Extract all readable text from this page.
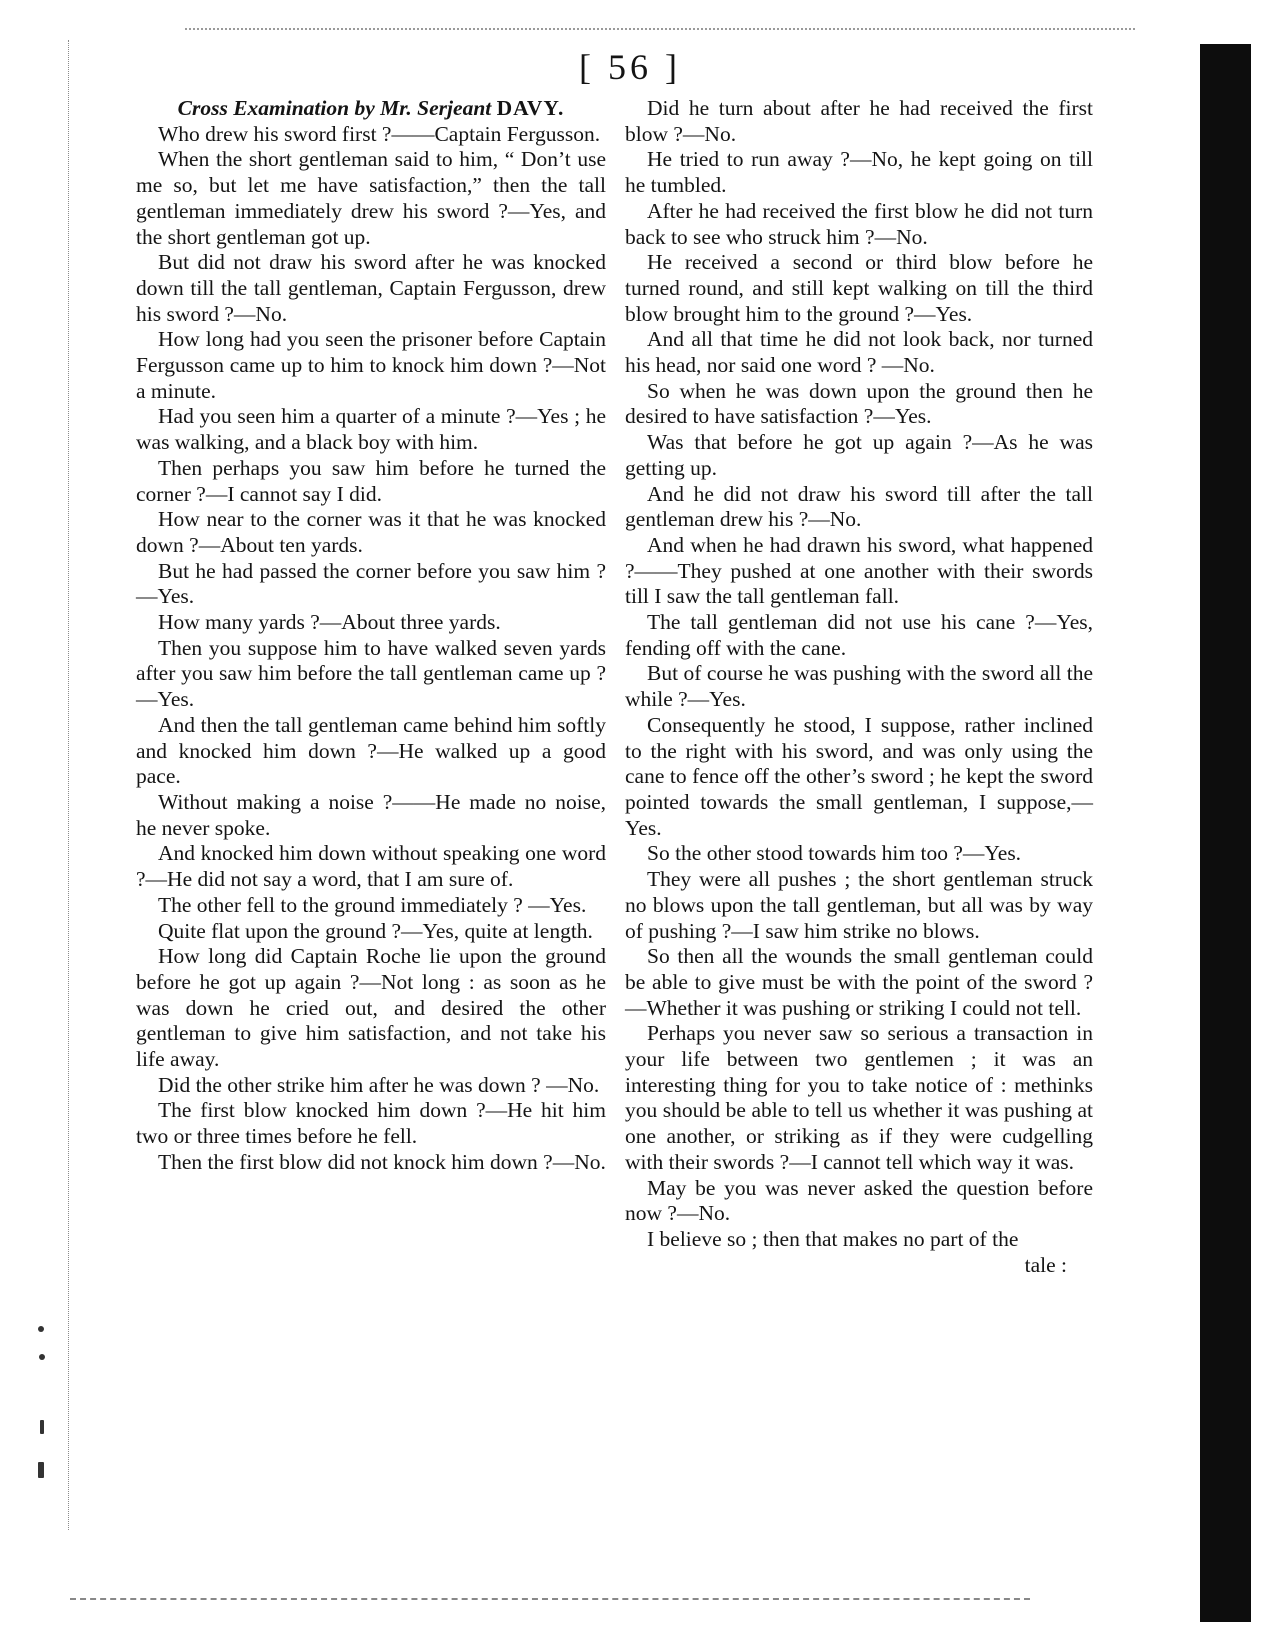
[ 56 ]
Cross Examination by Mr. Serjeant DAVY.

Who drew his sword first ?——Captain Fergusson.

When the short gentleman said to him, “ Don’t use me so, but let me have satisfaction,” then the tall gentleman immediately drew his sword ?—Yes, and the short gentleman got up.

But did not draw his sword after he was knocked down till the tall gentleman, Captain Fergusson, drew his sword ?—No.

How long had you seen the prisoner before Captain Fergusson came up to him to knock him down ?—Not a minute.

Had you seen him a quarter of a minute ?—Yes ; he was walking, and a black boy with him.

Then perhaps you saw him before he turned the corner ?—I cannot say I did.

How near to the corner was it that he was knocked down ?—About ten yards.

But he had passed the corner before you saw him ?—Yes.

How many yards ?—About three yards.

Then you suppose him to have walked seven yards after you saw him before the tall gentleman came up ?—Yes.

And then the tall gentleman came behind him softly and knocked him down ?—He walked up a good pace.

Without making a noise ?——He made no noise, he never spoke.

And knocked him down without speaking one word ?—He did not say a word, that I am sure of.

The other fell to the ground immediately ? —Yes.

Quite flat upon the ground ?—Yes, quite at length.

How long did Captain Roche lie upon the ground before he got up again ?—Not long : as soon as he was down he cried out, and desired the other gentleman to give him satisfaction, and not take his life away.

Did the other strike him after he was down ? —No.

The first blow knocked him down ?—He hit him two or three times before he fell.

Then the first blow did not knock him down ?—No.

Did he turn about after he had received the first blow ?—No.

He tried to run away ?—No, he kept going on till he tumbled.

After he had received the first blow he did not turn back to see who struck him ?—No.

He received a second or third blow before he turned round, and still kept walking on till the third blow brought him to the ground ?—Yes.

And all that time he did not look back, nor turned his head, nor said one word ? —No.

So when he was down upon the ground then he desired to have satisfaction ?—Yes.

Was that before he got up again ?—As he was getting up.

And he did not draw his sword till after the tall gentleman drew his ?—No.

And when he had drawn his sword, what happened ?——They pushed at one another with their swords till I saw the tall gentleman fall.

The tall gentleman did not use his cane ?—Yes, fending off with the cane.

But of course he was pushing with the sword all the while ?—Yes.

Consequently he stood, I suppose, rather inclined to the right with his sword, and was only using the cane to fence off the other’s sword ; he kept the sword pointed towards the small gentleman, I suppose,—Yes.

So the other stood towards him too ?—Yes.

They were all pushes ; the short gentleman struck no blows upon the tall gentleman, but all was by way of pushing ?—I saw him strike no blows.

So then all the wounds the small gentleman could be able to give must be with the point of the sword ?—Whether it was pushing or striking I could not tell.

Perhaps you never saw so serious a transaction in your life between two gentlemen ; it was an interesting thing for you to take notice of : methinks you should be able to tell us whether it was pushing at one another, or striking as if they were cudgelling with their swords ?—I cannot tell which way it was.

May be you was never asked the question before now ?—No.

I believe so ; then that makes no part of the

tale :
